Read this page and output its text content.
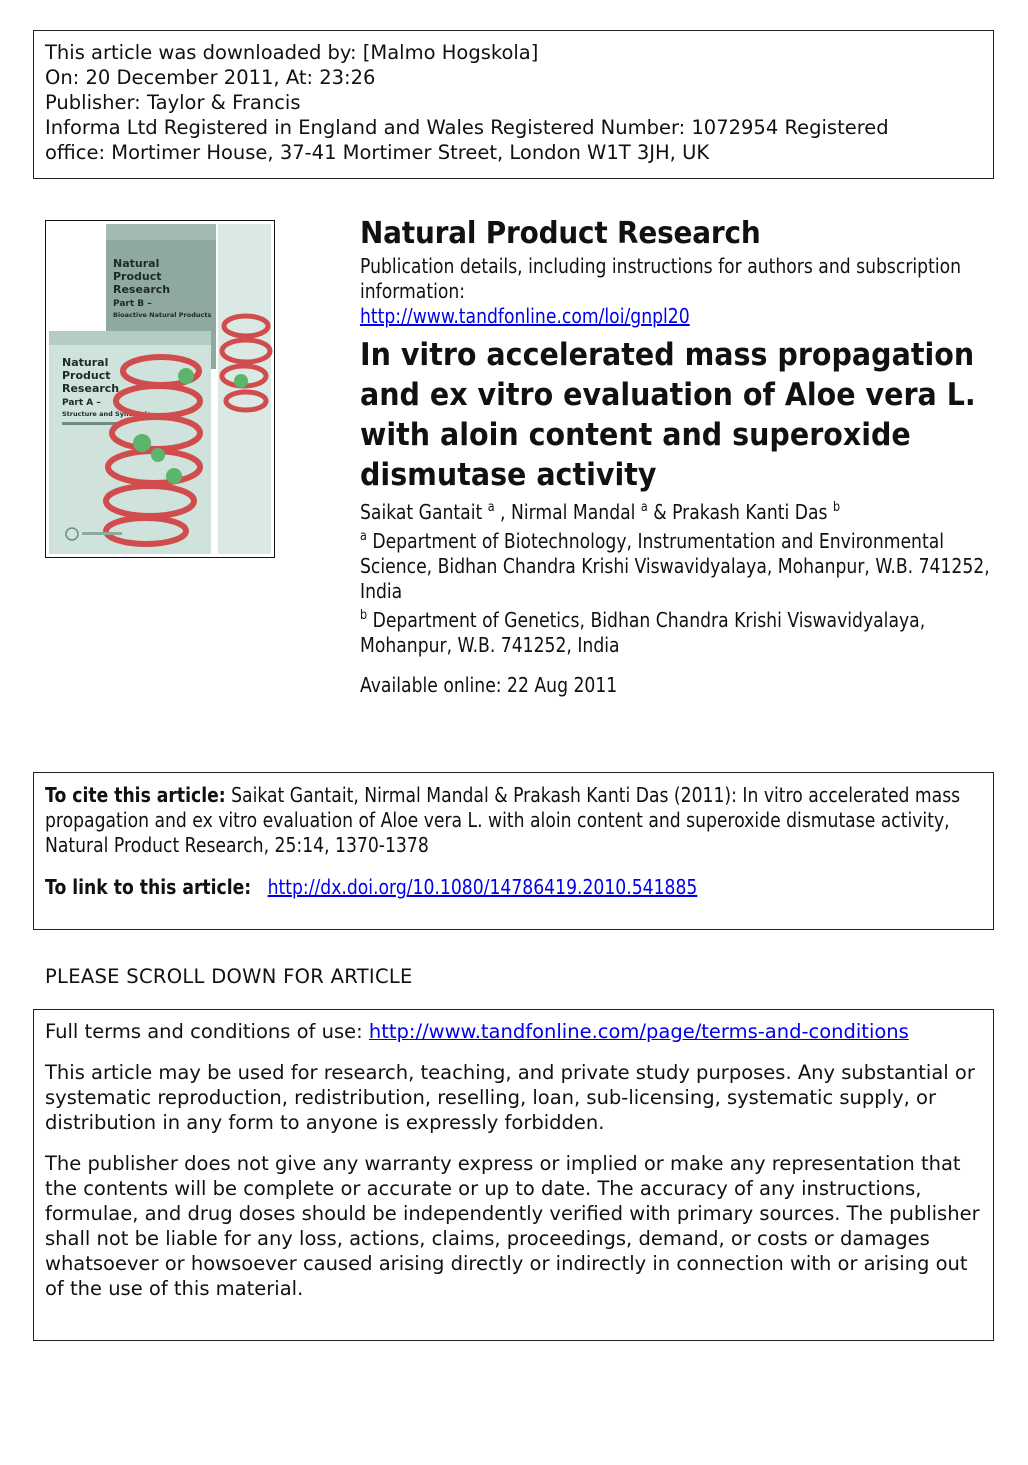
This article was downloaded by: [Malmo Hogskola]
On: 20 December 2011, At: 23:26
Publisher: Taylor & Francis
Informa Ltd Registered in England and Wales Registered Number: 1072954 Registered
office: Mortimer House, 37-41 Mortimer Street, London W1T 3JH, UK
Natural
Product
Research
Part B –
Bioactive Natural Products
Natural
Product
Research
Part A –
Structure and Synthesis
Natural Product Research
Publication details, including instructions for authors and subscription information:
http://www.tandfonline.com/loi/gnpl20
In vitro accelerated mass propagation and ex vitro evaluation of Aloe vera L. with aloin content and superoxide dismutase activity
Saikat Gantait $^a$ , Nirmal Mandal $^a$ & Prakash Kanti Das $^b$
$^a$ Department of Biotechnology, Instrumentation and Environmental Science, Bidhan Chandra Krishi Viswavidyalaya, Mohanpur, W.B. 741252, India
$^b$ Department of Genetics, Bidhan Chandra Krishi Viswavidyalaya, Mohanpur, W.B. 741252, India
Available online: 22 Aug 2011
To cite this article: Saikat Gantait, Nirmal Mandal & Prakash Kanti Das (2011): In vitro accelerated mass propagation and ex vitro evaluation of Aloe vera L. with aloin content and superoxide dismutase activity, Natural Product Research, 25:14, 1370-1378
To link to this article: http://dx.doi.org/10.1080/14786419.2010.541885
PLEASE SCROLL DOWN FOR ARTICLE

Full terms and conditions of use: http://www.tandfonline.com/page/terms-and-conditions

This article may be used for research, teaching, and private study purposes. Any substantial or systematic reproduction, redistribution, reselling, loan, sub-licensing, systematic supply, or distribution in any form to anyone is expressly forbidden.

The publisher does not give any warranty express or implied or make any representation that the contents will be complete or accurate or up to date. The accuracy of any instructions, formulae, and drug doses should be independently verified with primary sources. The publisher shall not be liable for any loss, actions, claims, proceedings, demand, or costs or damages whatsoever or howsoever caused arising directly or indirectly in connection with or arising out of the use of this material.
